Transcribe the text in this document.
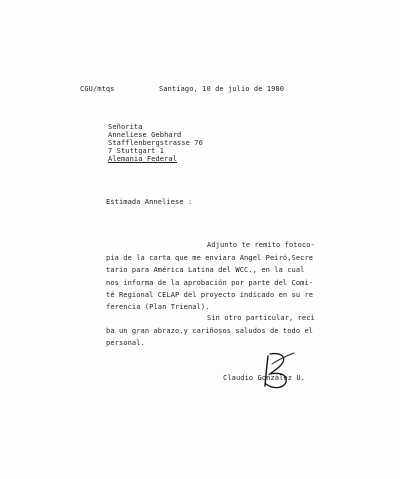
CGU/mtqs	Santiago, 10 de julio de 1980
Señorita
Anneliese Gebhard
Stafflenbergstrasse 76
7 Stuttgart 1
Alemania Federal
Estimada Anneliese :
Adjunto te remito fotoco-
pia de la carta que me enviara Angel Peiró,Secre
tario para América Latina del WCC., en la cual
nos informa de la aprobación por parte del Comi-
té Regional CELAP del proyecto indicado en su re
ferencia (Plan Trienal).
Sin otro particular, reci
ba un gran abrazo.y cariñosos saludos de todo el
personal.
Claudio González U.
